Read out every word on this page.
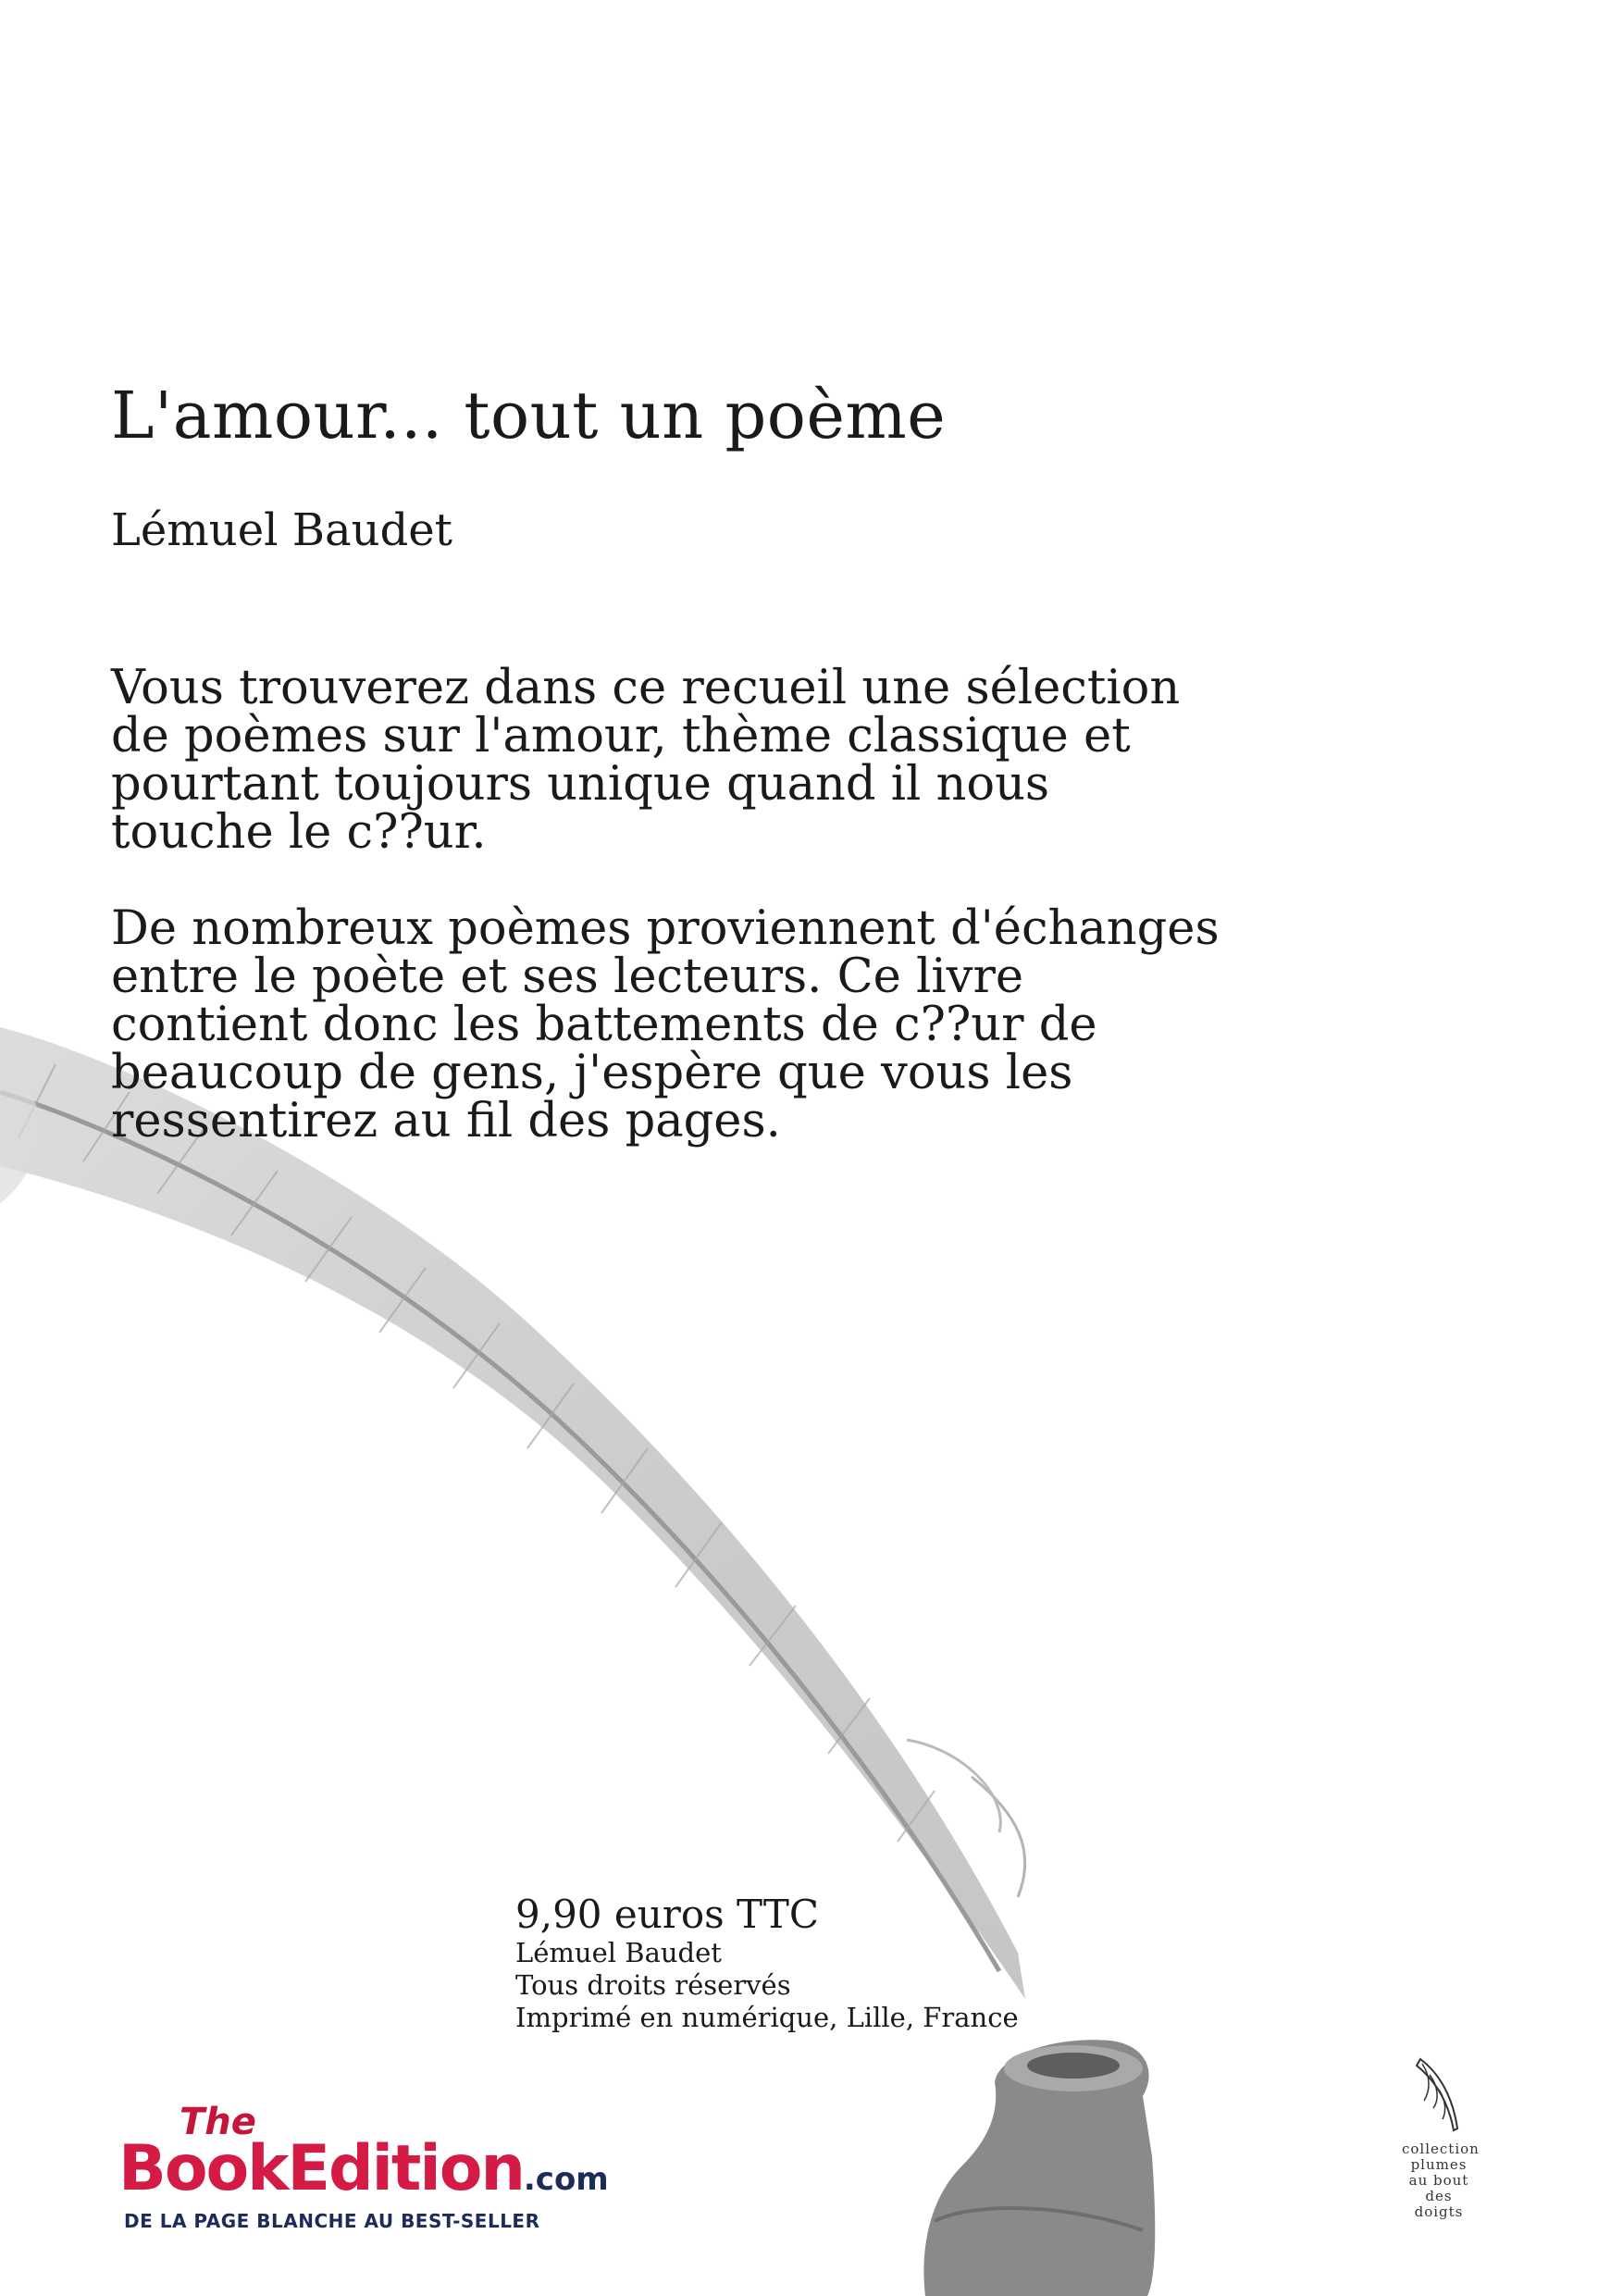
L'amour... tout un poème
Lémuel Baudet

Vous trouverez dans ce recueil une sélection de poèmes sur l'amour, thème classique et pourtant toujours unique quand il nous touche le c??ur.

De nombreux poèmes proviennent d'échanges entre le poète et ses lecteurs. Ce livre contient donc les battements de c??ur de beaucoup de gens, j'espère que vous les ressentirez au fil des pages.

9,90 euros TTC
Lémuel Baudet
Tous droits réservés
Imprimé en numérique, Lille, France
The
BookEdition.com
DE LA PAGE BLANCHE AU BEST-SELLER
collection plumes au bout des doigts
